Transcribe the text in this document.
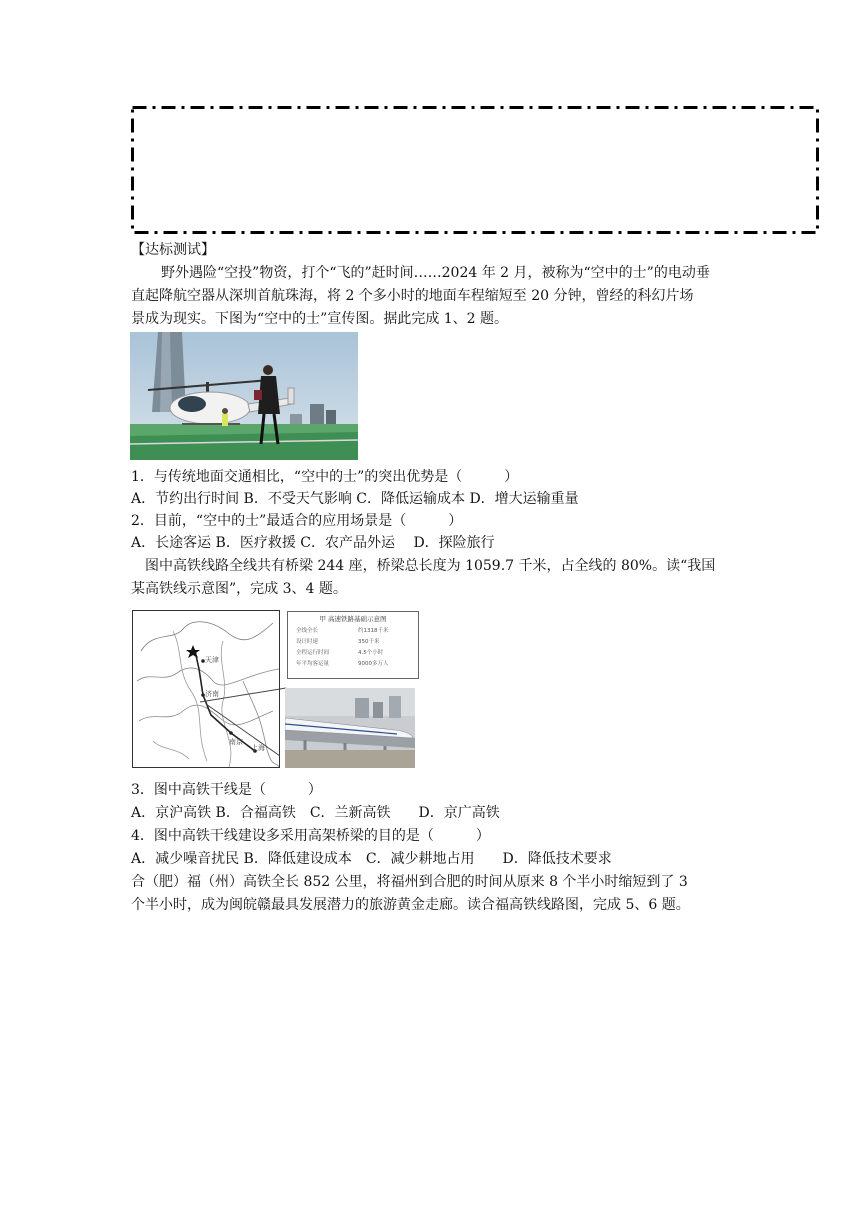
【达标测试】
野外遇险“空投”物资，打个“飞的”赶时间……2024 年 2 月，被称为“空中的士”的电动垂
直起降航空器从深圳首航珠海，将 2 个多小时的地面车程缩短至 20 分钟，曾经的科幻片场
景成为现实。下图为“空中的士”宣传图。据此完成 1、2 题。
1．与传统地面交通相比，“空中的士”的突出优势是（　　　）
A．节约出行时间 B．不受天气影响 C．降低运输成本 D．增大运输重量
2．目前，“空中的士”最适合的应用场景是（　　　）
A．长途客运 B．医疗救援 C．农产品外运　 D．探险旅行
图中高铁线路全线共有桥梁 244 座，桥梁总长度为 1059.7 千米，占全线的 80%。读“我国
某高铁线示意图”，完成 3、4 题。
天津
济南
南京
上海
甲 高速铁路基础示意图
全线全长	约1318千米
设计时速	350千米
全程运行时间	4.5个小时
年平均客运量	9000多万人
3．图中高铁干线是（　　　）
A．京沪高铁 B．合福高铁　C．兰新高铁　　D．京广高铁
4．图中高铁干线建设多采用高架桥梁的目的是（　　　）
A．减少噪音扰民 B．降低建设成本　C．减少耕地占用　　D．降低技术要求
合（肥）福（州）高铁全长 852 公里，将福州到合肥的时间从原来 8 个半小时缩短到了 3
个半小时，成为闽皖赣最具发展潜力的旅游黄金走廊。读合福高铁线路图，完成 5、6 题。
